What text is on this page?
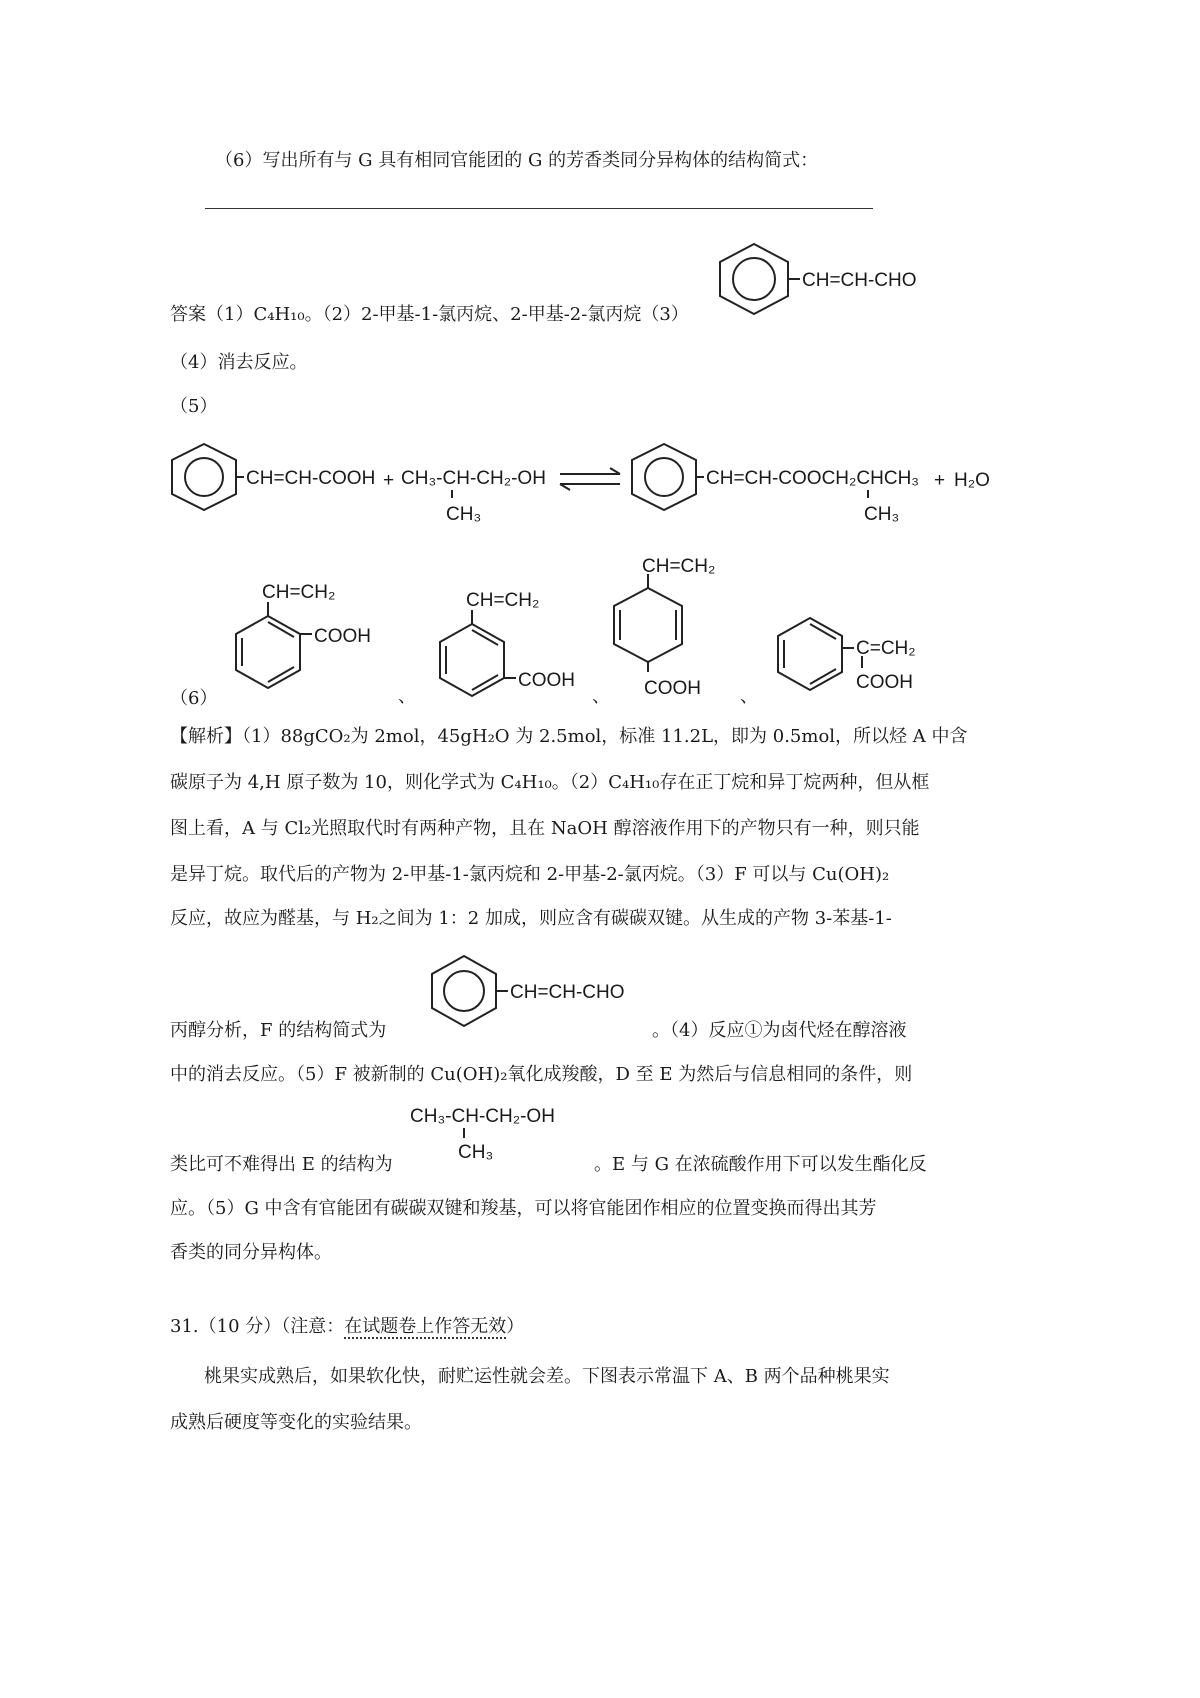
（6）写出所有与 G 具有相同官能团的 G 的芳香类同分异构体的结构简式：
CH=CH-CHO
答案（1）C₄H₁₀。（2）2-甲基-1-氯丙烷、2-甲基-2-氯丙烷（3）
（4）消去反应。
（5）
CH=CH-COOH + CH₃-CH-CH₂-OH
CH₃
CH=CH-COOCH₂CHCH₃
CH₃
+ H₂O
（6）
CH=CH₂
COOH
、
CH=CH₂
COOH
、
CH=CH₂
COOH 、
C=CH₂
COOH
【解析】（1）88gCO₂为 2mol，45gH₂O 为 2.5mol，标准 11.2L，即为 0.5mol，所以烃 A 中含
碳原子为 4,H 原子数为 10，则化学式为 C₄H₁₀。（2）C₄H₁₀存在正丁烷和异丁烷两种，但从框
图上看，A 与 Cl₂光照取代时有两种产物，且在 NaOH 醇溶液作用下的产物只有一种，则只能
是异丁烷。取代后的产物为 2-甲基-1-氯丙烷和 2-甲基-2-氯丙烷。（3）F 可以与 Cu(OH)₂
反应，故应为醛基，与 H₂之间为 1：2 加成，则应含有碳碳双键。从生成的产物 3-苯基-1-
CH=CH-CHO
丙醇分析，F 的结构简式为	。（4）反应①为卤代烃在醇溶液
中的消去反应。（5）F 被新制的 Cu(OH)₂氧化成羧酸，D 至 E 为然后与信息相同的条件，则
CH₃-CH-CH₂-OH
CH₃
类比可不难得出 E 的结构为	。E 与 G 在浓硫酸作用下可以发生酯化反
应。（5）G 中含有官能团有碳碳双键和羧基，可以将官能团作相应的位置变换而得出其芳
香类的同分异构体。
31.（10 分）（注意：在试题卷上作答无效）
桃果实成熟后，如果软化快，耐贮运性就会差。下图表示常温下 A、B 两个品种桃果实
成熟后硬度等变化的实验结果。
